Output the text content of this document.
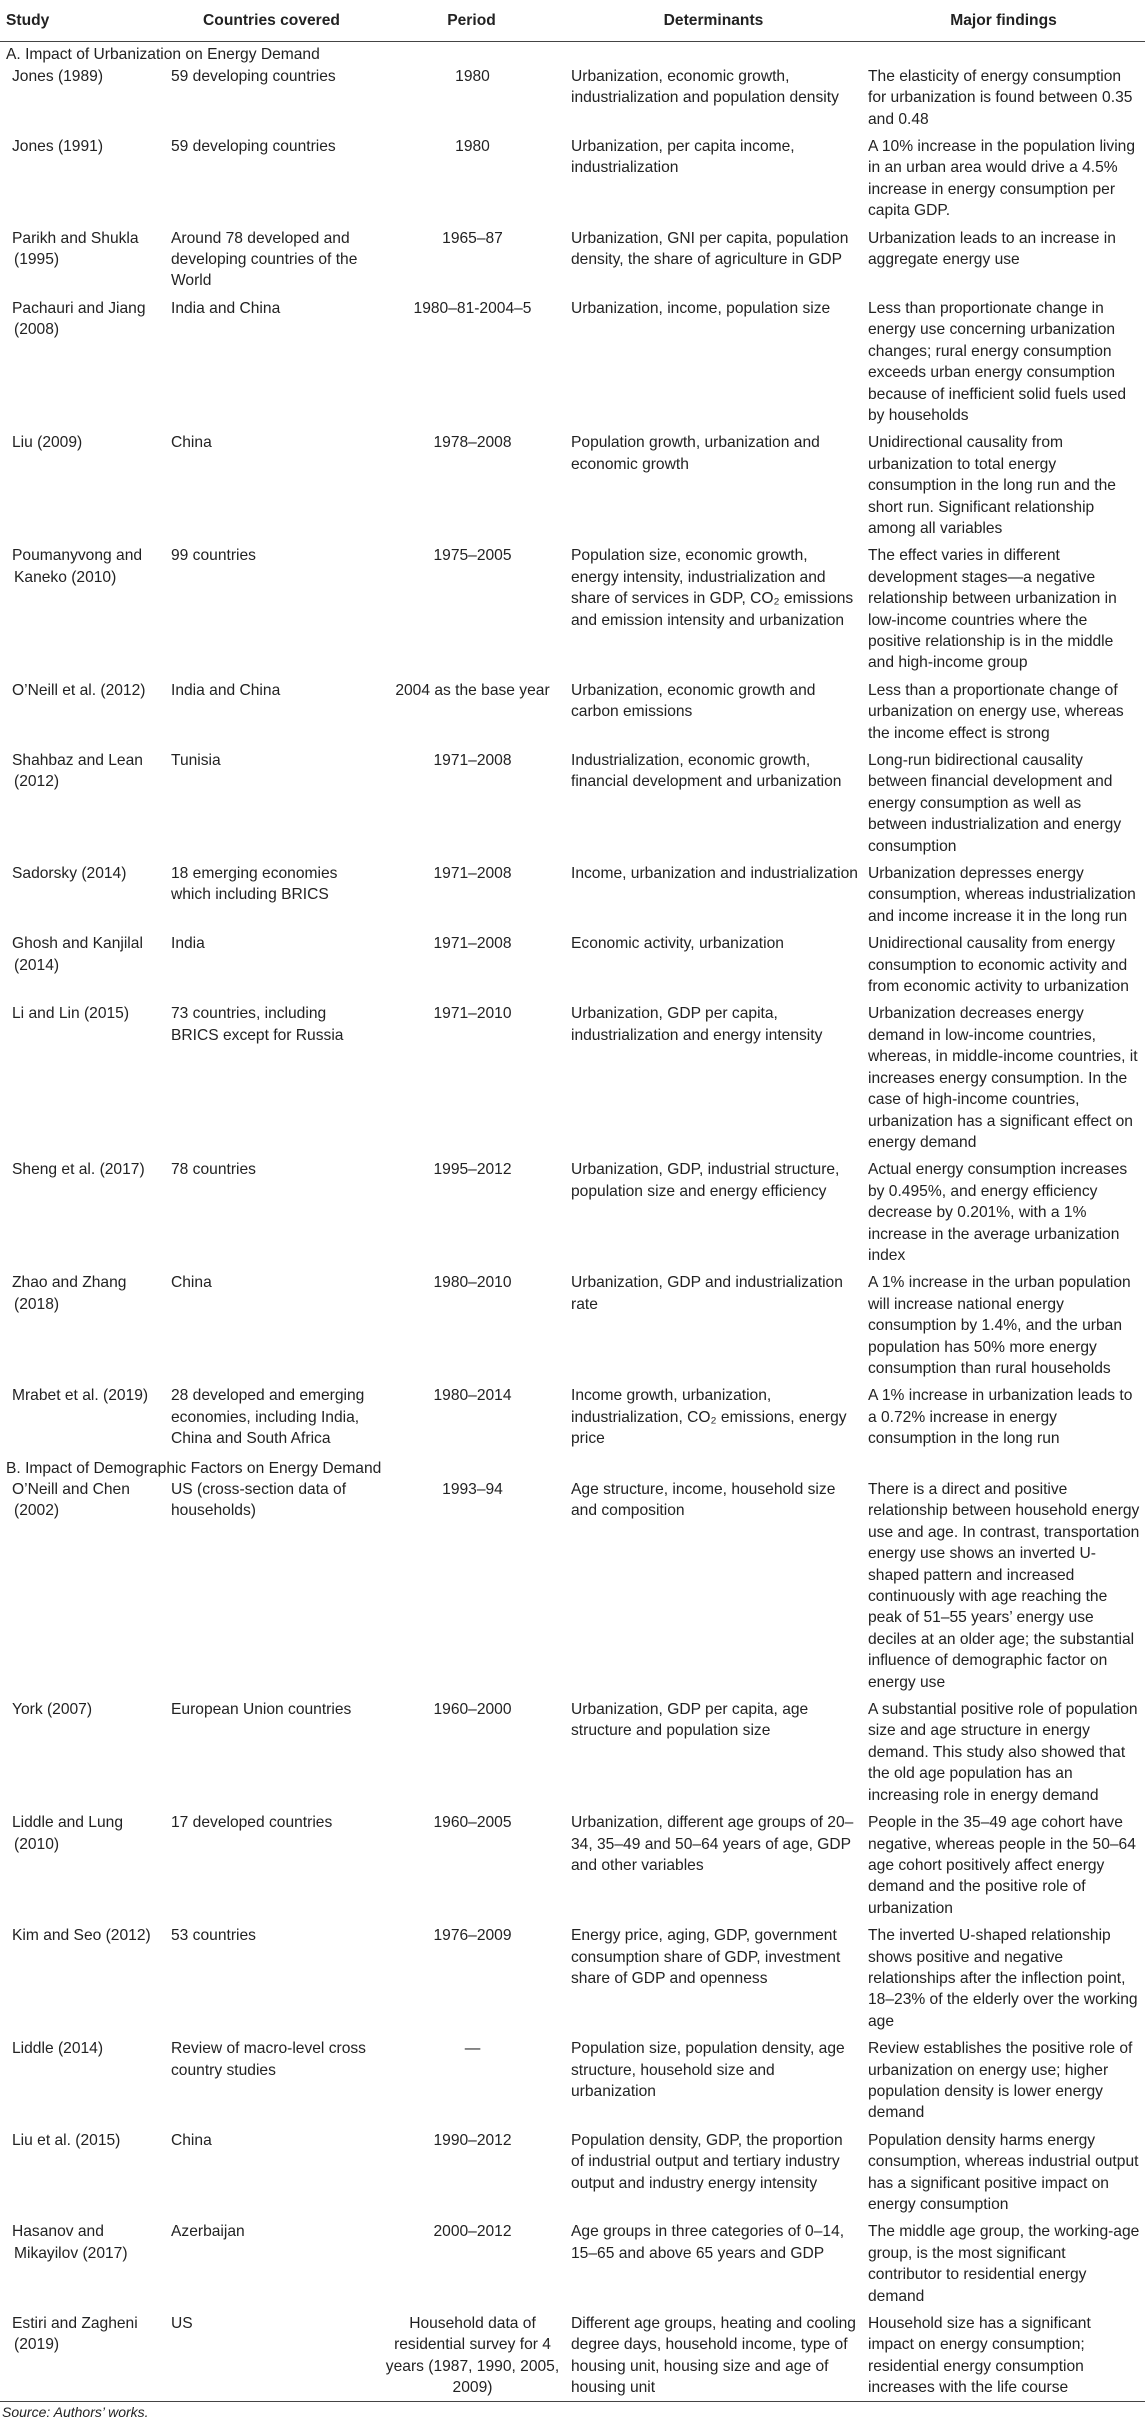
Study	Countries covered	Period	Determinants	Major findings
A. Impact of Urbanization on Energy Demand				
Jones (1989)	59 developing countries	1980	Urbanization, economic growth, industrialization and population density	The elasticity of energy consumption for urbanization is found between 0.35 and 0.48
Jones (1991)	59 developing countries	1980	Urbanization, per capita income, industrialization	A 10% increase in the population living in an urban area would drive a 4.5% increase in energy consumption per capita GDP.
Parikh and Shukla (1995)	Around 78 developed and developing countries of the World	1965–87	Urbanization, GNI per capita, population density, the share of agriculture in GDP	Urbanization leads to an increase in aggregate energy use
Pachauri and Jiang (2008)	India and China	1980–81-2004–5	Urbanization, income, population size	Less than proportionate change in energy use concerning urbanization changes; rural energy consumption exceeds urban energy consumption because of inefficient solid fuels used by households
Liu (2009)	China	1978–2008	Population growth, urbanization and economic growth	Unidirectional causality from urbanization to total energy consumption in the long run and the short run. Significant relationship among all variables
Poumanyvong and Kaneko (2010)	99 countries	1975–2005	Population size, economic growth, energy intensity, industrialization and share of services in GDP, CO₂ emissions and emission intensity and urbanization	The effect varies in different development stages—a negative relationship between urbanization in low-income countries where the positive relationship is in the middle and high-income group
O’Neill et al. (2012)	India and China	2004 as the base year	Urbanization, economic growth and carbon emissions	Less than a proportionate change of urbanization on energy use, whereas the income effect is strong
Shahbaz and Lean (2012)	Tunisia	1971–2008	Industrialization, economic growth, financial development and urbanization	Long-run bidirectional causality between financial development and energy consumption as well as between industrialization and energy consumption
Sadorsky (2014)	18 emerging economies which including BRICS	1971–2008	Income, urbanization and industrialization	Urbanization depresses energy consumption, whereas industrialization and income increase it in the long run
Ghosh and Kanjilal (2014)	India	1971–2008	Economic activity, urbanization	Unidirectional causality from energy consumption to economic activity and from economic activity to urbanization
Li and Lin (2015)	73 countries, including BRICS except for Russia	1971–2010	Urbanization, GDP per capita, industrialization and energy intensity	Urbanization decreases energy demand in low-income countries, whereas, in middle-income countries, it increases energy consumption. In the case of high-income countries, urbanization has a significant effect on energy demand
Sheng et al. (2017)	78 countries	1995–2012	Urbanization, GDP, industrial structure, population size and energy efficiency	Actual energy consumption increases by 0.495%, and energy efficiency decrease by 0.201%, with a 1% increase in the average urbanization index
Zhao and Zhang (2018)	China	1980–2010	Urbanization, GDP and industrialization rate	A 1% increase in the urban population will increase national energy consumption by 1.4%, and the urban population has 50% more energy consumption than rural households
Mrabet et al. (2019)	28 developed and emerging economies, including India, China and South Africa	1980–2014	Income growth, urbanization, industrialization, CO₂ emissions, energy price	A 1% increase in urbanization leads to a 0.72% increase in energy consumption in the long run
B. Impact of Demographic Factors on Energy Demand				
O’Neill and Chen (2002)	US (cross-section data of households)	1993–94	Age structure, income, household size and composition	There is a direct and positive relationship between household energy use and age. In contrast, transportation energy use shows an inverted U-shaped pattern and increased continuously with age reaching the peak of 51–55 years’ energy use deciles at an older age; the substantial influence of demographic factor on energy use
York (2007)	European Union countries	1960–2000	Urbanization, GDP per capita, age structure and population size	A substantial positive role of population size and age structure in energy demand. This study also showed that the old age population has an increasing role in energy demand
Liddle and Lung (2010)	17 developed countries	1960–2005	Urbanization, different age groups of 20–34, 35–49 and 50–64 years of age, GDP and other variables	People in the 35–49 age cohort have negative, whereas people in the 50–64 age cohort positively affect energy demand and the positive role of urbanization
Kim and Seo (2012)	53 countries	1976–2009	Energy price, aging, GDP, government consumption share of GDP, investment share of GDP and openness	The inverted U-shaped relationship shows positive and negative relationships after the inflection point, 18–23% of the elderly over the working age
Liddle (2014)	Review of macro-level cross country studies	—	Population size, population density, age structure, household size and urbanization	Review establishes the positive role of urbanization on energy use; higher population density is lower energy demand
Liu et al. (2015)	China	1990–2012	Population density, GDP, the proportion of industrial output and tertiary industry output and industry energy intensity	Population density harms energy consumption, whereas industrial output has a significant positive impact on energy consumption
Hasanov and Mikayilov (2017)	Azerbaijan	2000–2012	Age groups in three categories of 0–14, 15–65 and above 65 years and GDP	The middle age group, the working-age group, is the most significant contributor to residential energy demand
Estiri and Zagheni (2019)	US	Household data of residential survey for 4 years (1987, 1990, 2005, 2009)	Different age groups, heating and cooling degree days, household income, type of housing unit, housing size and age of housing unit	Household size has a significant impact on energy consumption; residential energy consumption increases with the life course
Source: Authors’ works.
